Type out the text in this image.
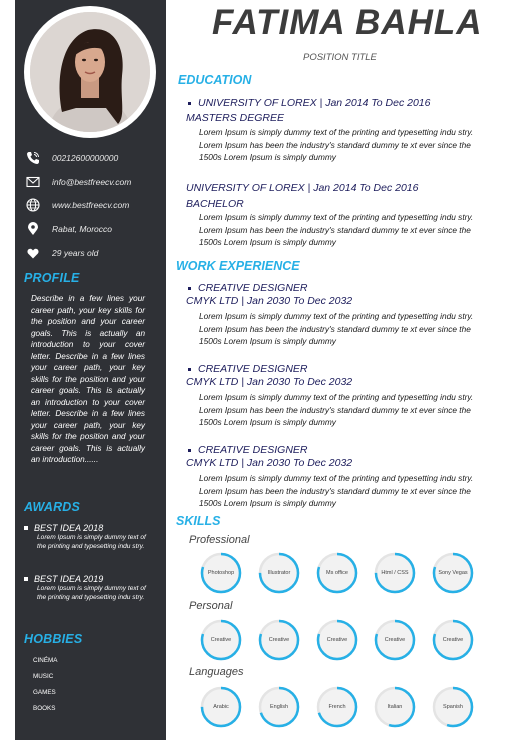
00212600000000
info@bestfreecv.com
www.bestfreecv.com
Rabat, Morocco
29 years old
PROFILE
Describe in a few lines your career path, your key skills for the position and your career goals. This is actually an introduction to your cover letter. Describe in a few lines your career path, your key skills for the position and your career goals. This is actually an introduction to your cover letter. Describe in a few lines your career path, your key skills for the position and your career goals. This is actually an introduction......
AWARDS
BEST IDEA 2018
Lorem Ipsum is simply dummy text of the printing and typesetting indu stry.
BEST IDEA 2019
Lorem Ipsum is simply dummy text of the printing and typesetting indu stry.
HOBBIES
CINÉMA
MUSIC
GAMES
BOOKS
FATIMA BAHLA
POSITION TITLE
EDUCATION
UNIVERSITY OF LOREX | Jan 2014 To Dec 2016
MASTERS DEGREE
Lorem Ipsum is simply dummy text of the printing and typesetting indu stry. Lorem Ipsum has been the industry's standard dummy te xt ever since the 1500s Lorem Ipsum is simply dummy
UNIVERSITY OF LOREX | Jan 2014 To Dec 2016
BACHELOR
Lorem Ipsum is simply dummy text of the printing and typesetting indu stry. Lorem Ipsum has been the industry's standard dummy te xt ever since the 1500s Lorem Ipsum is simply dummy
WORK EXPERIENCE
CREATIVE DESIGNER
CMYK LTD | Jan 2030 To Dec 2032
Lorem Ipsum is simply dummy text of the printing and typesetting indu stry. Lorem Ipsum has been the industry's standard dummy te xt ever since the 1500s Lorem Ipsum is simply dummy
CREATIVE DESIGNER
CMYK LTD | Jan 2030 To Dec 2032
Lorem Ipsum is simply dummy text of the printing and typesetting indu stry. Lorem Ipsum has been the industry's standard dummy te xt ever since the 1500s Lorem Ipsum is simply dummy
CREATIVE DESIGNER
CMYK LTD | Jan 2030 To Dec 2032
Lorem Ipsum is simply dummy text of the printing and typesetting indu stry. Lorem Ipsum has been the industry's standard dummy te xt ever since the 1500s Lorem Ipsum is simply dummy
SKILLS
Professional
Personal
Languages
Photoshop	Illustrator	Ms office	Html / CSS	Sony Vegas
Creative	Creative	Creative	Creative	Creative
Arabic	English	French	Italian	Spanish
